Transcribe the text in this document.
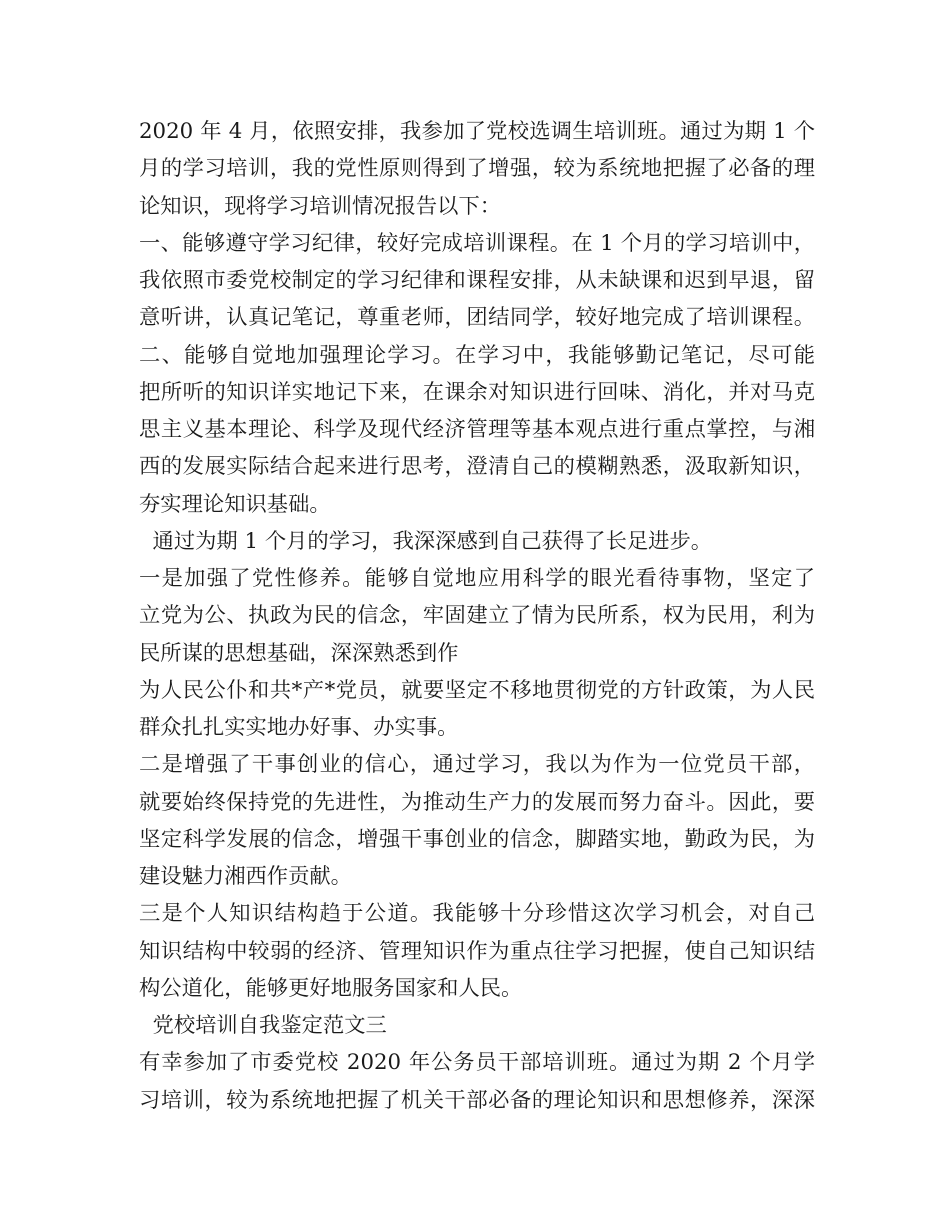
2020 年 4 月，依照安排，我参加了党校选调生培训班。通过为期 1 个
月的学习培训，我的党性原则得到了增强，较为系统地把握了必备的理
论知识，现将学习培训情况报告以下：
一、能够遵守学习纪律，较好完成培训课程。在 1 个月的学习培训中，
我依照市委党校制定的学习纪律和课程安排，从未缺课和迟到早退，留
意听讲，认真记笔记，尊重老师，团结同学，较好地完成了培训课程。
二、能够自觉地加强理论学习。在学习中，我能够勤记笔记，尽可能
把所听的知识详实地记下来，在课余对知识进行回味、消化，并对马克
思主义基本理论、科学及现代经济管理等基本观点进行重点掌控，与湘
西的发展实际结合起来进行思考，澄清自己的模糊熟悉，汲取新知识，
夯实理论知识基础。
通过为期 1 个月的学习，我深深感到自己获得了长足进步。
一是加强了党性修养。能够自觉地应用科学的眼光看待事物，坚定了
立党为公、执政为民的信念，牢固建立了情为民所系，权为民用，利为
民所谋的思想基础，深深熟悉到作
为人民公仆和共*产*党员，就要坚定不移地贯彻党的方针政策，为人民
群众扎扎实实地办好事、办实事。
二是增强了干事创业的信心，通过学习，我以为作为一位党员干部，
就要始终保持党的先进性，为推动生产力的发展而努力奋斗。因此，要
坚定科学发展的信念，增强干事创业的信念，脚踏实地，勤政为民，为
建设魅力湘西作贡献。
三是个人知识结构趋于公道。我能够十分珍惜这次学习机会，对自己
知识结构中较弱的经济、管理知识作为重点往学习把握，使自己知识结
构公道化，能够更好地服务国家和人民。
党校培训自我鉴定范文三
有幸参加了市委党校 2020 年公务员干部培训班。通过为期 2 个月学
习培训，较为系统地把握了机关干部必备的理论知识和思想修养，深深
